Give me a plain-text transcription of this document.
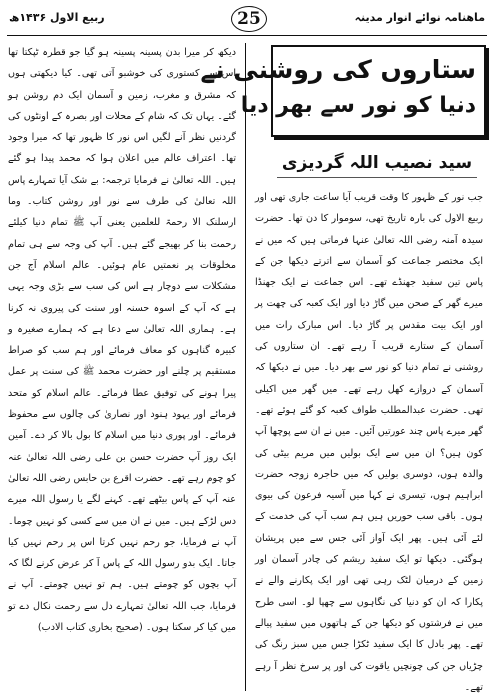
ربیع الاول ۱۴۳۶ھ	25	ماهنامہ نوائے انوار مدینہ
ستاروں کی روشنی نے
دنیا کو نور سے بھر دیا
سید نصیب اللہ گردیزی

جب نور کے ظہور کا وقت قریب آیا ساعت جاری تھی اور ربیع الاول کی بارہ تاریخ تھی، سوموار کا دن تھا۔ حضرت سیدہ آمنہ رضی اللہ تعالیٰ عنہا فرماتی ہیں کہ میں نے ایک مختصر جماعت کو آسمان سے اترتے دیکھا جن کے پاس تین سفید جھنڈے تھے۔ اس جماعت نے ایک جھنڈا میرے گھر کے صحن میں گاڑ دیا اور ایک کعبہ کی چھت پر اور ایک بیت مقدس پر گاڑ دیا۔ اس مبارک رات میں آسمان کے ستارے قریب آ رہے تھے۔ ان ستاروں کی روشنی نے تمام دنیا کو نور سے بھر دیا۔ میں نے دیکھا کہ آسمان کے دروازے کھل رہے تھے۔ میں گھر میں اکیلی تھی۔ حضرت عبدالمطلب طواف کعبہ کو گئے ہوئے تھے۔ گھر میرے پاس چند عورتیں آئیں۔ میں نے ان سے پوچھا آپ کون ہیں؟ ان میں سے ایک بولیں میں مریم بیٹی کی والدہ ہوں، دوسری بولیں کہ میں حاجرہ زوجہ حضرت ابراہیم ہوں، تیسری نے کہا میں آسیہ فرعون کی بیوی ہوں۔ باقی سب حوریں ہیں ہم سب آپ کی خدمت کے لئے آئی ہیں۔ پھر ایک آواز آئی جس سے میں پریشان ہوگئی۔ دیکھا تو ایک سفید ریشم کی چادر آسمان اور زمین کے درمیان لٹک رہی تھی اور ایک پکارنے والے نے پکارا کہ ان کو دنیا کی نگاہوں سے چھپا لو۔ اسی طرح میں نے فرشتوں کو دیکھا جن کے ہاتھوں میں سفید پیالے تھے۔ پھر بادل کا ایک سفید ٹکڑا جس میں سبز رنگ کی چڑیاں جن کی چونچیں یاقوت کی اور پر سرخ نظر آ رہے تھے۔

دیکھ کر میرا بدن پسینہ پسینہ ہو گیا جو قطرہ ٹپکتا تھا اس سے کستوری کی خوشبو آتی تھی۔ کیا دیکھتی ہوں کہ مشرق و مغرب، زمین و آسمان ایک دم روشن ہو گئے۔ یہاں تک کہ شام کے محلات اور بصرہ کے اونٹوں کی گردنیں نظر آنے لگیں اس نور کا ظہور تھا کہ میرا وجود تھا۔ اعتراف عالم میں اعلان ہوا کہ محمد پیدا ہو گئے ہیں۔ اللہ تعالیٰ نے فرمایا ترجمہ: بے شک آیا تمہارے پاس اللہ تعالیٰ کی طرف سے نور اور روشن کتاب۔ وما ارسلنک الا رحمۃ للعلمین یعنی آپ ﷺ تمام دنیا کیلئے رحمت بنا کر بھیجے گئے ہیں۔ آپ کی وجہ سے ہی تمام مخلوقات پر نعمتیں عام ہوئیں۔ عالم اسلام آج جن مشکلات سے دوچار ہے اس کی سب سے بڑی وجہ یہی ہے کہ آپ کے اسوہ حسنہ اور سنت کی پیروی نہ کرنا ہے۔ ہماری اللہ تعالیٰ سے دعا ہے کہ ہمارے صغیرہ و کبیرہ گناہوں کو معاف فرمائے اور ہم سب کو صراط مستقیم پر چلنے اور حضرت محمد ﷺ کی سنت پر عمل پیرا ہونے کی توفیق عطا فرمائے۔ عالم اسلام کو متحد فرمائے اور یہود ہنود اور نصاریٰ کی چالوں سے محفوظ فرمائے۔ اور پوری دنیا میں اسلام کا بول بالا کر دے۔ آمین ایک روز آپ حضرت حسن بن علی رضی اللہ تعالیٰ عنہ کو چوم رہے تھے۔ حضرت اقرع بن حابس رضی اللہ تعالیٰ عنہ آپ کے پاس بیٹھے تھے۔ کہنے لگے یا رسول اللہ میرے دس لڑکے ہیں۔ میں نے ان میں سے کسی کو نہیں چوما۔ آپ نے فرمایا، جو رحم نہیں کرتا اس پر رحم نہیں کیا جاتا۔ ایک بدو رسول اللہ کے پاس آ کر عرض کرنے لگا کہ آپ بچوں کو چومتے ہیں۔ ہم تو نہیں چومتے۔ آپ نے فرمایا، جب اللہ تعالیٰ تمہارے دل سے رحمت نکال دے تو میں کیا کر سکتا ہوں۔ (صحیح بخاری کتاب الادب)
